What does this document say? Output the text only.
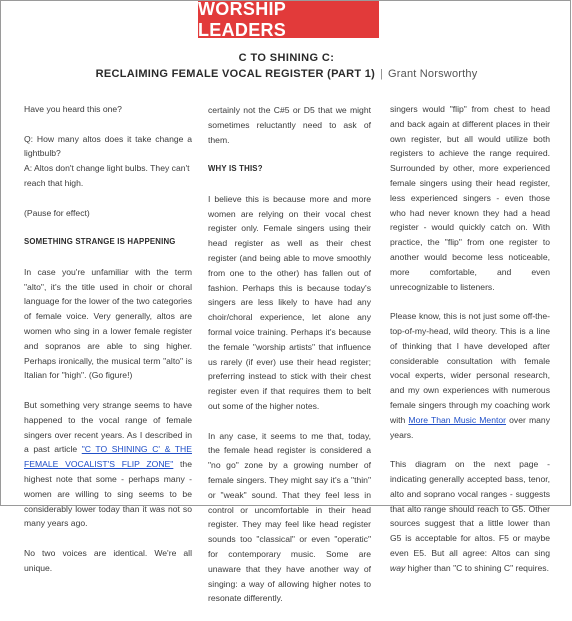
WORSHIP LEADERS
C TO SHINING C:
RECLAIMING FEMALE VOCAL REGISTER (PART 1) | Grant Norsworthy

Have you heard this one?

Q: How many altos does it take change a lightbulb?
A: Altos don't change light bulbs. They can't reach that high.

(Pause for effect)

SOMETHING STRANGE IS HAPPENING

In case you're unfamiliar with the term "alto", it's the title used in choir or choral language for the lower of the two categories of female voice. Very generally, altos are women who sing in a lower female register and sopranos are able to sing higher. Perhaps ironically, the musical term "alto" is Italian for "high". (Go figure!)

But something very strange seems to have happened to the vocal range of female singers over recent years. As I described in a past article "C TO SHINING C' & THE FEMALE VOCALIST'S FLIP ZONE" the highest note that some - perhaps many - women are willing to sing seems to be considerably lower today than it was not so many years ago.

No two voices are identical. We're all unique.

certainly not the C#5 or D5 that we might sometimes reluctantly need to ask of them.

WHY IS THIS?

I believe this is because more and more women are relying on their vocal chest register only. Female singers using their head register as well as their chest register (and being able to move smoothly from one to the other) has fallen out of fashion. Perhaps this is because today's singers are less likely to have had any choir/choral experience, let alone any formal voice training. Perhaps it's because the female "worship artists" that influence us rarely (if ever) use their head register; preferring instead to stick with their chest register even if that requires them to belt out some of the higher notes.

In any case, it seems to me that, today, the female head register is considered a "no go" zone by a growing number of female singers. They might say it's a "thin" or "weak" sound. That they feel less in control or uncomfortable in their head register. They may feel like head register sounds too "classical" or even "operatic" for contemporary music. Some are unaware that they have another way of singing: a way of allowing higher notes to resonate differently.

singers would "flip" from chest to head and back again at different places in their own register, but all would utilize both registers to achieve the range required. Surrounded by other, more experienced female singers using their head register, less experienced singers - even those who had never known they had a head register - would quickly catch on. With practice, the "flip" from one register to another would become less noticeable, more comfortable, and even unrecognizable to listeners.

Please know, this is not just some off-the-top-of-my-head, wild theory. This is a line of thinking that I have developed after considerable consultation with female vocal experts, wider personal research, and my own experiences with numerous female singers through my coaching work with More Than Music Mentor over many years.

This diagram on the next page - indicating generally accepted bass, tenor, alto and soprano vocal ranges - suggests that alto range should reach to G5. Other sources suggest that a little lower than G5 is acceptable for altos. F5 or maybe even E5. But all agree: Altos can sing way higher than "C to shining C" requires.
